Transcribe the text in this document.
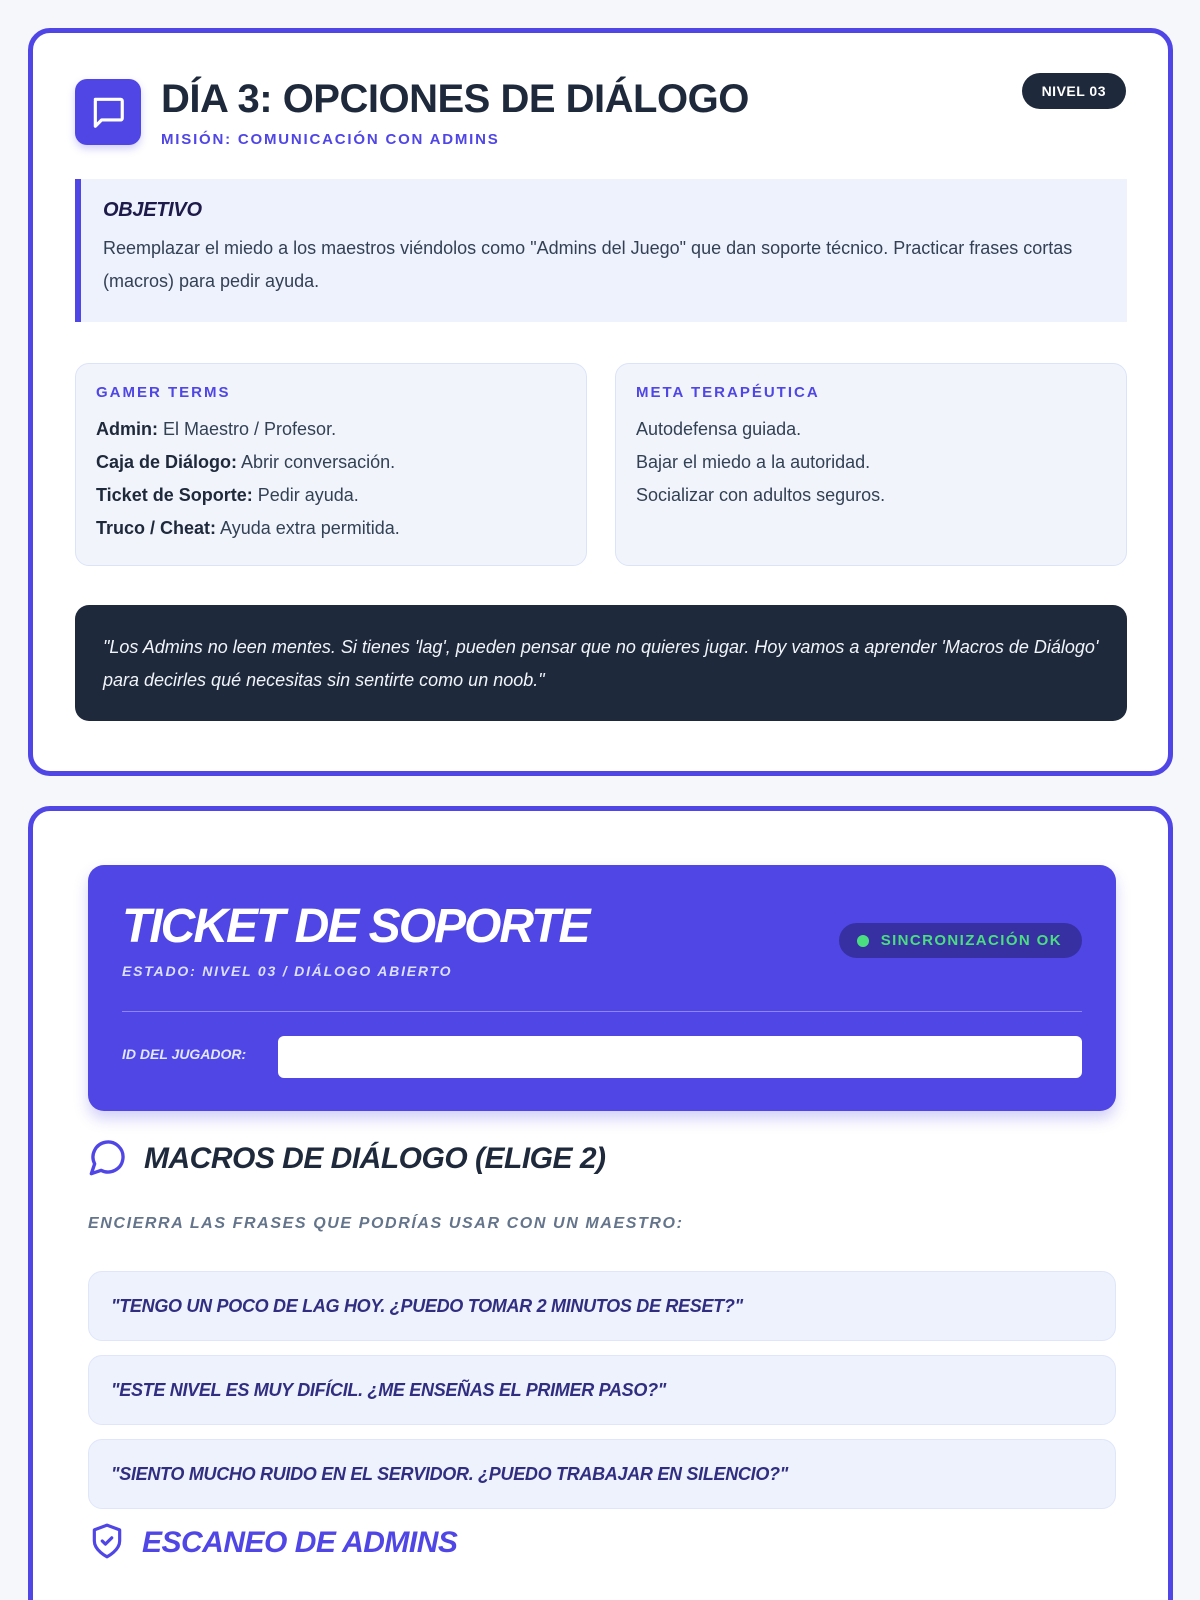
DÍA 3: OPCIONES DE DIÁLOGO
MISIÓN: COMUNICACIÓN CON ADMINS
NIVEL 03
OBJETIVO
Reemplazar el miedo a los maestros viéndolos como "Admins del Juego" que dan soporte técnico. Practicar frases cortas (macros) para pedir ayuda.
GAMER TERMS
Admin: El Maestro / Profesor.
Caja de Diálogo: Abrir conversación.
Ticket de Soporte: Pedir ayuda.
Truco / Cheat: Ayuda extra permitida.
META TERAPÉUTICA
Autodefensa guiada.
Bajar el miedo a la autoridad.
Socializar con adultos seguros.
"Los Admins no leen mentes. Si tienes 'lag', pueden pensar que no quieres jugar. Hoy vamos a aprender 'Macros de Diálogo' para decirles qué necesitas sin sentirte como un noob."
TICKET DE SOPORTE
ESTADO: NIVEL 03 / DIÁLOGO ABIERTO
SINCRONIZACIÓN OK
ID DEL JUGADOR:
MACROS DE DIÁLOGO (ELIGE 2)
ENCIERRA LAS FRASES QUE PODRÍAS USAR CON UN MAESTRO:
"TENGO UN POCO DE LAG HOY. ¿PUEDO TOMAR 2 MINUTOS DE RESET?"
"ESTE NIVEL ES MUY DIFÍCIL. ¿ME ENSEÑAS EL PRIMER PASO?"
"SIENTO MUCHO RUIDO EN EL SERVIDOR. ¿PUEDO TRABAJAR EN SILENCIO?"
ESCANEO DE ADMINS
